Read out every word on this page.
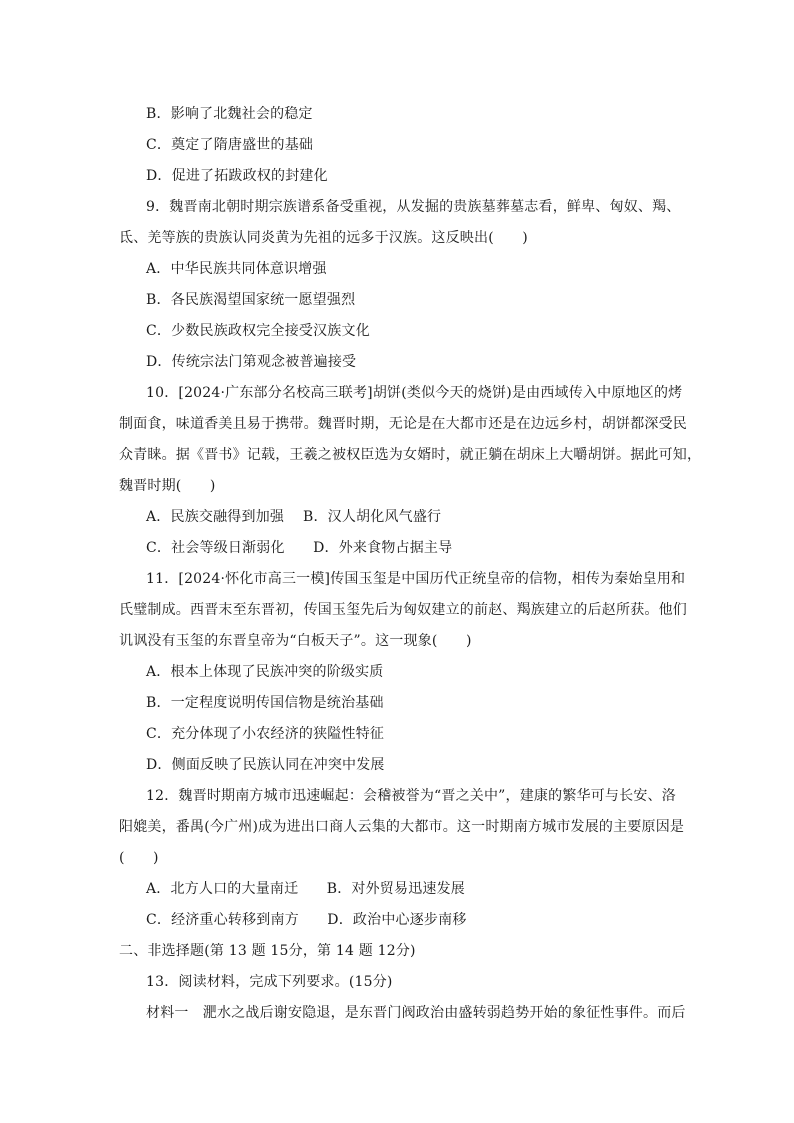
B．影响了北魏社会的稳定
C．奠定了隋唐盛世的基础
D．促进了拓跋政权的封建化
9．魏晋南北朝时期宗族谱系备受重视，从发掘的贵族墓葬墓志看，鲜卑、匈奴、羯、
氐、羌等族的贵族认同炎黄为先祖的远多于汉族。这反映出(　　)
A．中华民族共同体意识增强
B．各民族渴望国家统一愿望强烈
C．少数民族政权完全接受汉族文化
D．传统宗法门第观念被普遍接受
10．[2024·广东部分名校高三联考]胡饼(类似今天的烧饼)是由西域传入中原地区的烤
制面食，味道香美且易于携带。魏晋时期，无论是在大都市还是在边远乡村，胡饼都深受民
众青睐。据《晋书》记载，王羲之被权臣选为女婿时，就正躺在胡床上大嚼胡饼。据此可知，
魏晋时期(　　)
A．民族交融得到加强　 B．汉人胡化风气盛行
C．社会等级日渐弱化　　D．外来食物占据主导
11．[2024·怀化市高三一模]传国玉玺是中国历代正统皇帝的信物，相传为秦始皇用和
氏璧制成。西晋末至东晋初，传国玉玺先后为匈奴建立的前赵、羯族建立的后赵所获。他们
讥讽没有玉玺的东晋皇帝为“白板天子”。这一现象(　　)
A．根本上体现了民族冲突的阶级实质
B．一定程度说明传国信物是统治基础
C．充分体现了小农经济的狭隘性特征
D．侧面反映了民族认同在冲突中发展
12．魏晋时期南方城市迅速崛起：会稽被誉为“晋之关中”，建康的繁华可与长安、洛
阳媲美，番禺(今广州)成为进出口商人云集的大都市。这一时期南方城市发展的主要原因是
(　　)
A．北方人口的大量南迁　　B．对外贸易迅速发展
C．经济重心转移到南方　　D．政治中心逐步南移
二、非选择题(第 13 题 15分，第 14 题 12分)
13．阅读材料，完成下列要求。(15分)
材料一　淝水之战后谢安隐退，是东晋门阀政治由盛转弱趋势开始的象征性事件。而后
